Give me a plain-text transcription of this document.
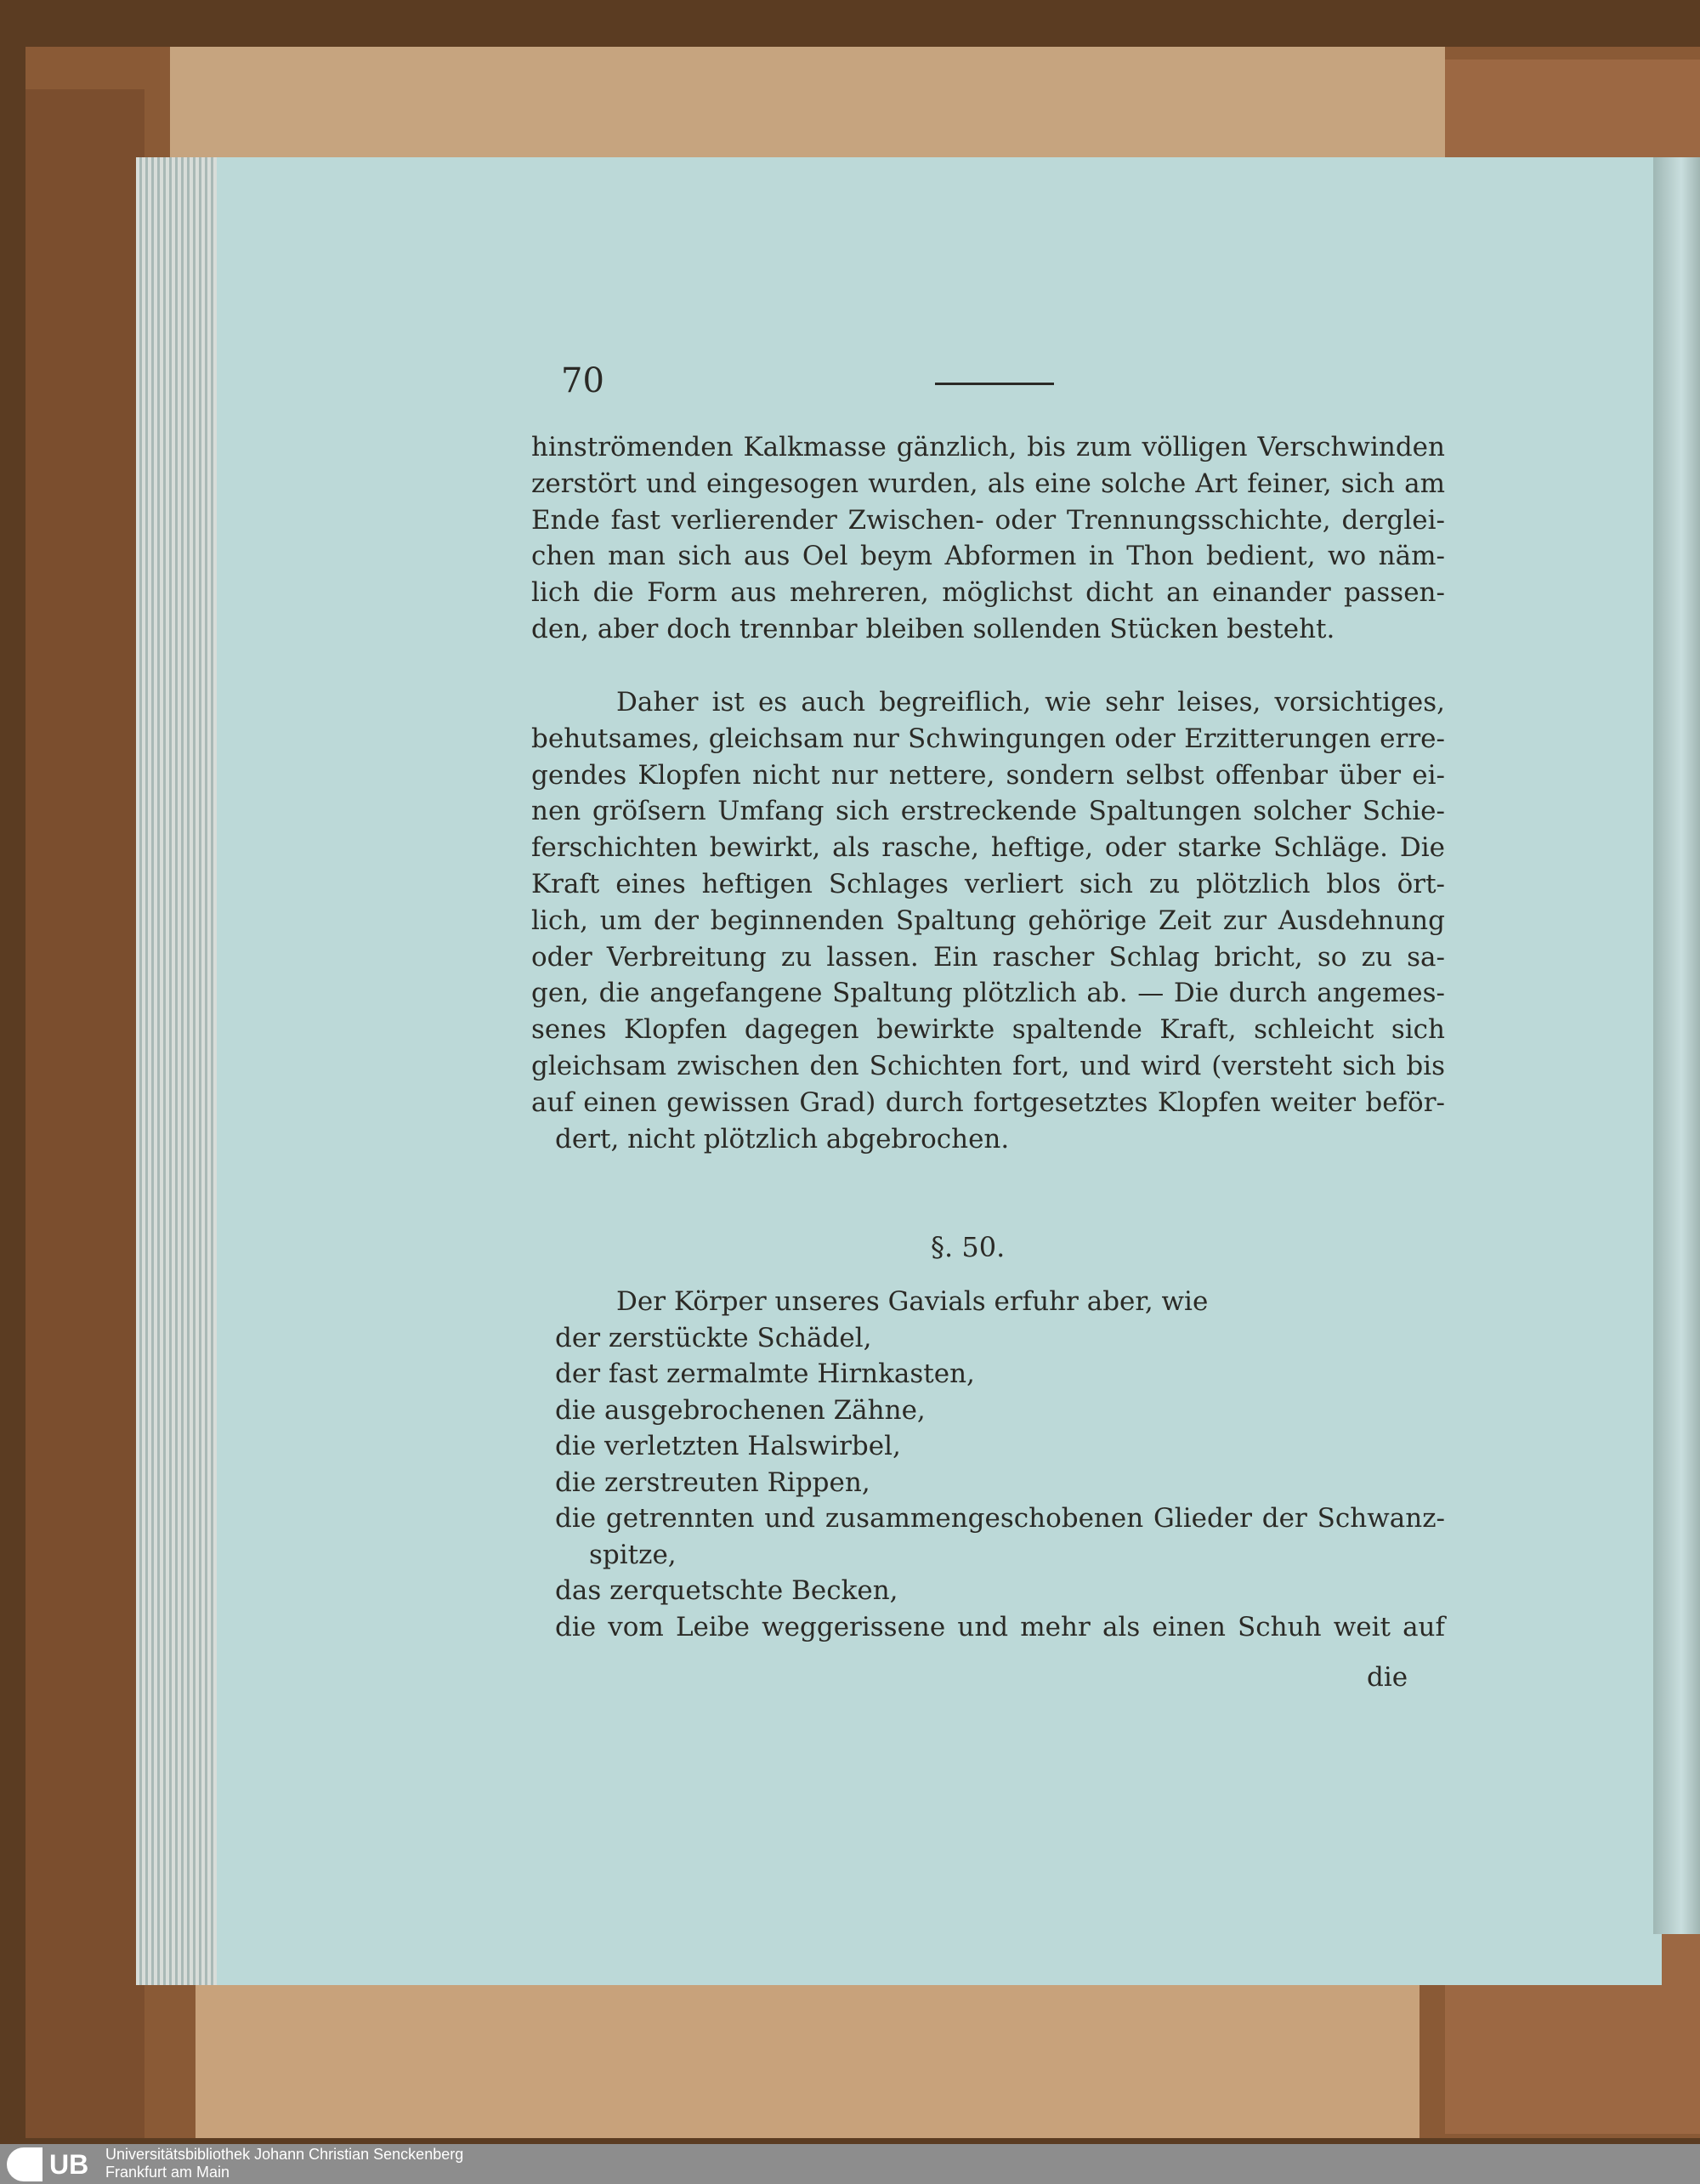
70
hinströmenden Kalkmasse gänzlich, bis zum völligen Verschwinden
zerstört und eingesogen wurden, als eine solche Art feiner, sich am
Ende fast verlierender Zwischen- oder Trennungsschichte, derglei-
chen man sich aus Oel beym Abformen in Thon bedient, wo näm-
lich die Form aus mehreren, möglichst dicht an einander passen-
den, aber doch trennbar bleiben sollenden Stücken besteht.
Daher ist es auch begreiflich, wie sehr leises, vorsichtiges,
behutsames, gleichsam nur Schwingungen oder Erzitterungen erre-
gendes Klopfen nicht nur nettere, sondern selbst offenbar über ei-
nen gröſsern Umfang sich erstreckende Spaltungen solcher Schie-
ferschichten bewirkt, als rasche, heftige, oder starke Schläge. Die
Kraft eines heftigen Schlages verliert sich zu plötzlich blos ört-
lich, um der beginnenden Spaltung gehörige Zeit zur Ausdehnung
oder Verbreitung zu lassen. Ein rascher Schlag bricht, so zu sa-
gen, die angefangene Spaltung plötzlich ab. — Die durch angemes-
senes Klopfen dagegen bewirkte spaltende Kraft, schleicht sich
gleichsam zwischen den Schichten fort, und wird (versteht sich bis
auf einen gewissen Grad) durch fortgesetztes Klopfen weiter beför-
dert, nicht plötzlich abgebrochen.
§. 50.
Der Körper unseres Gavials erfuhr aber, wie
der zerstückte Schädel,
der fast zermalmte Hirnkasten,
die ausgebrochenen Zähne,
die verletzten Halswirbel,
die zerstreuten Rippen,
die getrennten und zusammengeschobenen Glieder der Schwanz-
spitze,
das zerquetschte Becken,
die vom Leibe weggerissene und mehr als einen Schuh weit auf
die
UB Universitätsbibliothek Johann Christian Senckenberg
Frankfurt am Main
